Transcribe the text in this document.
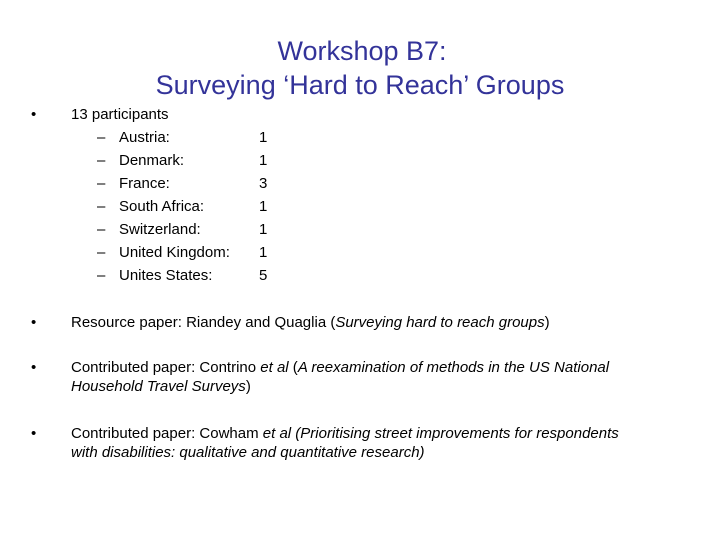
Workshop B7:
Surveying ‘Hard to Reach’ Groups
• 13 participants
– Austria:	1
– Denmark:	1
– France:	3
– South Africa:	1
– Switzerland:	1
– United Kingdom: 1
– Unites States:	5
• Resource paper: Riandey and Quaglia (Surveying hard to reach groups)
• Contributed paper: Contrino et al (A reexamination of methods in the US National Household Travel Surveys)
• Contributed paper: Cowham et al (Prioritising street improvements for respondents with disabilities: qualitative and quantitative research)
